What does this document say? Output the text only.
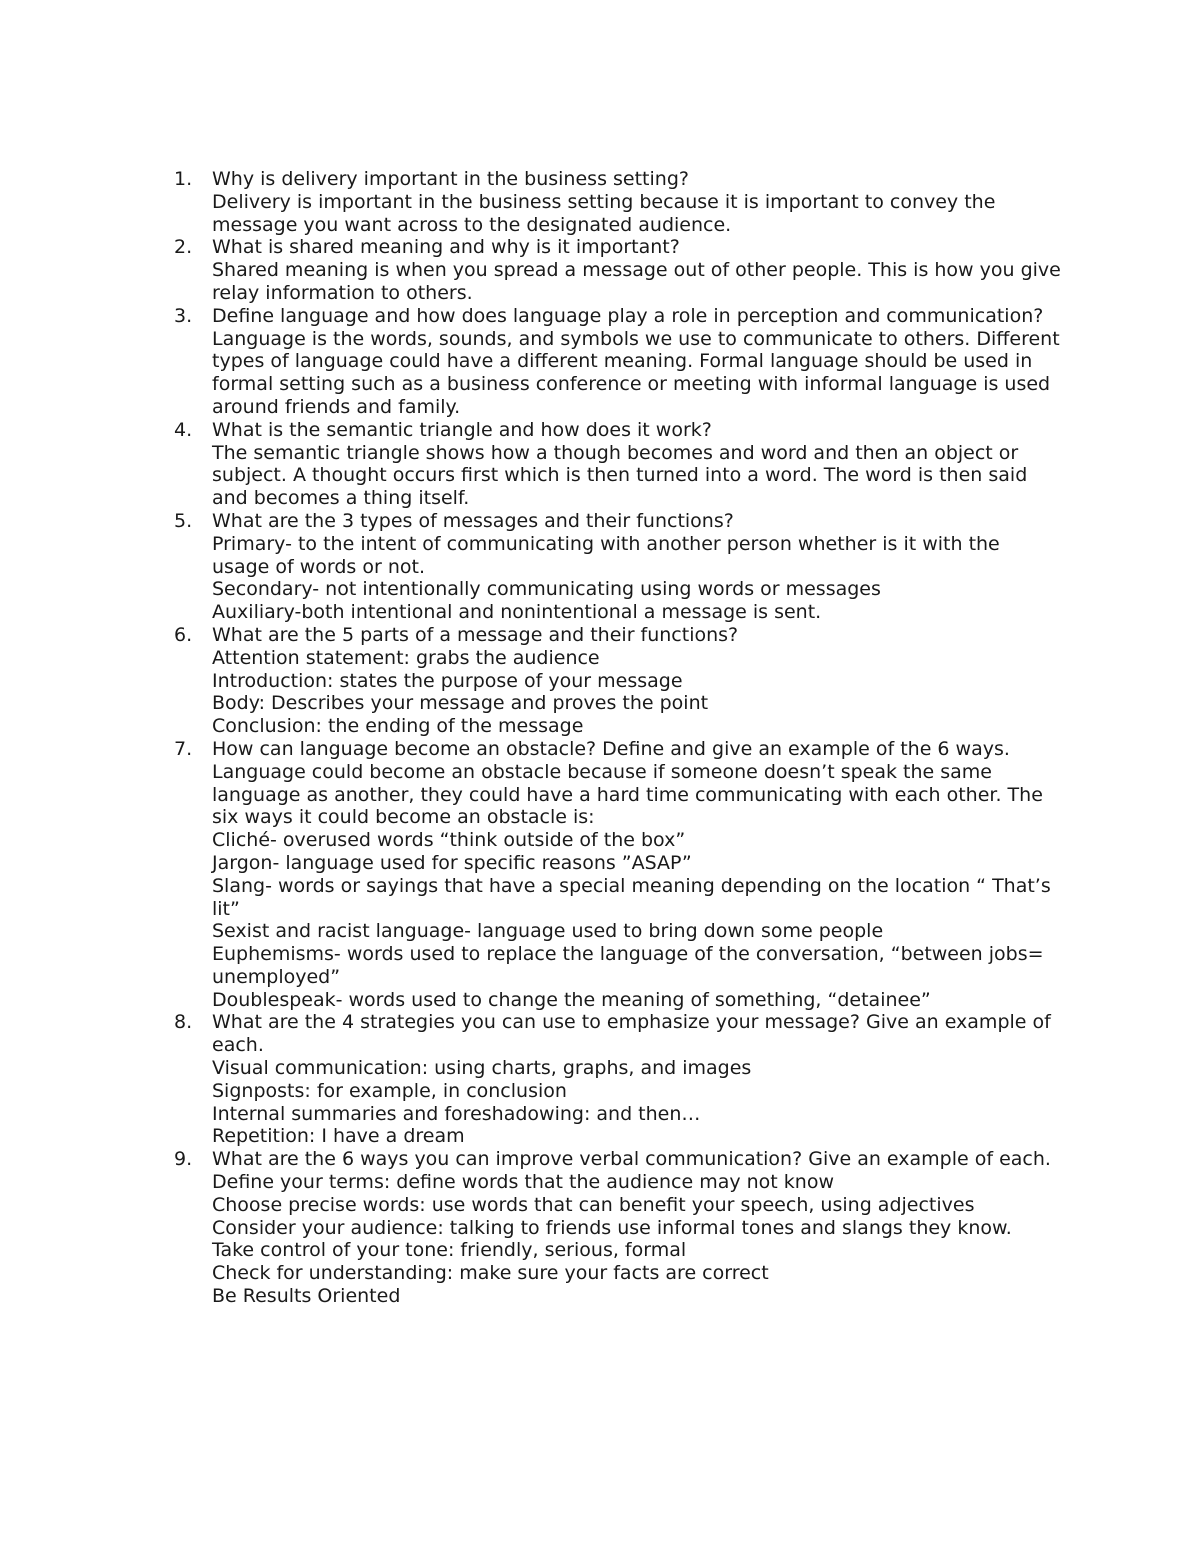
1.	Why is delivery important in the business setting?
Delivery is important in the business setting because it is important to convey the message you want across to the designated audience.
2.	What is shared meaning and why is it important?
Shared meaning is when you spread a message out of other people. This is how you give relay information to others.
3.	Define language and how does language play a role in perception and communication?
Language is the words, sounds, and symbols we use to communicate to others. Different types of language could have a different meaning. Formal language should be used in formal setting such as a business conference or meeting with informal language is used around friends and family.
4.	What is the semantic triangle and how does it work?
The semantic triangle shows how a though becomes and word and then an object or subject. A thought occurs first which is then turned into a word. The word is then said and becomes a thing itself.
5.	What are the 3 types of messages and their functions?
Primary- to the intent of communicating with another person whether is it with the usage of words or not.
Secondary- not intentionally communicating using words or messages
Auxiliary-both intentional and nonintentional a message is sent.
6.	What are the 5 parts of a message and their functions?
Attention statement: grabs the audience
Introduction: states the purpose of your message
Body: Describes your message and proves the point
Conclusion: the ending of the message
7.	How can language become an obstacle? Define and give an example of the 6 ways.
Language could become an obstacle because if someone doesn’t speak the same language as another, they could have a hard time communicating with each other. The six ways it could become an obstacle is:
Cliché- overused words “think outside of the box”
Jargon- language used for specific reasons ”ASAP”
Slang- words or sayings that have a special meaning depending on the location “ That’s lit”
Sexist and racist language- language used to bring down some people
Euphemisms- words used to replace the language of the conversation, “between jobs= unemployed”
Doublespeak- words used to change the meaning of something, “detainee”
8.	What are the 4 strategies you can use to emphasize your message? Give an example of each.
Visual communication: using charts, graphs, and images
Signposts: for example, in conclusion
Internal summaries and foreshadowing: and then…
Repetition: I have a dream
9.	What are the 6 ways you can improve verbal communication? Give an example of each.
Define your terms: define words that the audience may not know
Choose precise words: use words that can benefit your speech, using adjectives
Consider your audience: talking to friends use informal tones and slangs they know.
Take control of your tone: friendly, serious, formal
Check for understanding: make sure your facts are correct
Be Results Oriented
